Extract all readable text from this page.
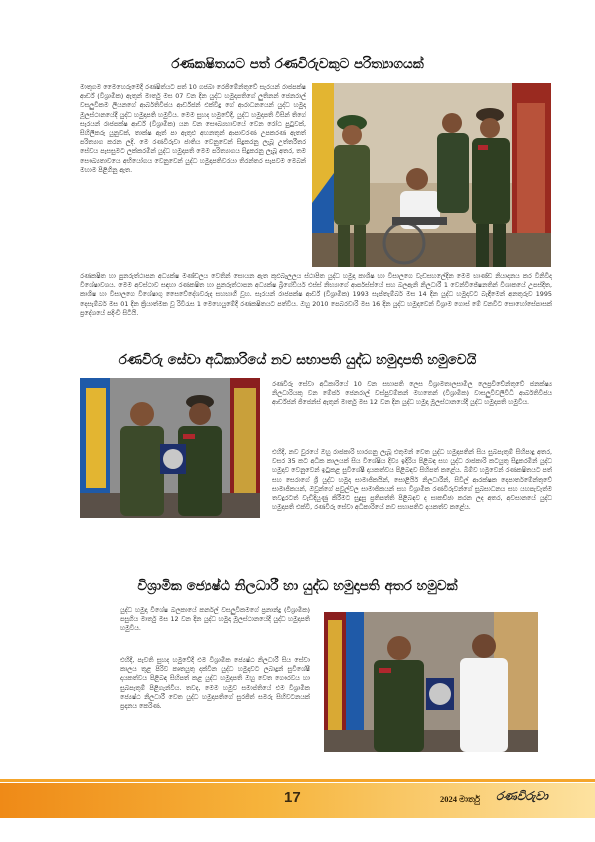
රණකෂිතයට පත් රණවිරුවකුට පරිත්‍යාගයක්
මාතුගම මෛහෙරුමෙදී රණෂිත්යට පත් 10 ගජබා රෙජිමේන්තුවේ සැරයන් රාජපක්ෂ ආර්ඩ් (විශ්‍රාමික) ඇතුන් මාර්තු මස 07 වන දින යුද්ධ හමුදාපතිගේ ලුතිනන් ජෙනරාල් වසලුවිකම ලියනගේ ආර්බතිවිජය ආර්ඩ්ජන් එක්විදු ගේ ආරාධනයෙන් යුද්ධ හමුදා මූලස්ථානයේදී යුද්ධ හමුදාපති හමුවිය. මෙම සුහද හමුවේදී, යුද්ධ හමුදාපති විසින් තිගේ සැරයන් රාජපක්ෂ ආර්ඩ් (විශ්‍රාමික) යන වන සෞඛ්‍යභාවයේ වෙන රෝඨ පුටුවක්, සිහිලීකරු යුනුවක්, තාක්ෂ ඇත් පා ඇතුළු අහනතුන් ආපාවරණ උපකරණ ඇතත් පරිත්‍යාග කරන ලදි. මෙ රණවිරුවා ජාතිය වෙනුවෙන් සිදුකරනු ලැබූ උත්තරීතර සේවය පැසසුමට ලක්කරමින් යුද්ධ හමුදාපති මෙම පරිත්‍යාගය සිදුකරනු ලැබූ අතර, තම සෞඛ්‍යතාවයෙ අභියෝගය වෙනුවෙන් යුද්ධ හමුදාපතිවරයා තිරන්තර සැපවම මෙබන් මහාම පිළිගිනු ඇත.
රණකෂිත හා පුනරුත්ථාපන අධ්‍යක්ෂ මණ්ඩලය වෙතින් සොයන ඇත කුළුබෑලලය ස්ථාපිත යුද්ධ හමුදා කාශිෂ හා විසාලගෙ වැඩසහලේදින මෙම භාණ්ඩ නියාදනය කර විනිවිද විශේෂාවශය. මෙම අවස්ථාව සඳහා රණකෂිත හා පුනරුත්ථාපන අධ්‍යක්ෂ බ්‍රිගේඩියර් එස්ස් නිභ්‍යාගේ ආර්පස්ස්යේ සහ බලඇනි නිලධාරී 1 වෙන්විජේෂනතින් විශාකයේ උපස්දිත, කාශිෂ හා විසාලගෙ විශේෂාගු සෛවේදේශවරුද සහභාගී වූහ. සැරයන් රාජපක්ෂ ආර්ඩ් (විශ්‍රාමික) 1993 සැප්තැම්බර් මස 14 දින යුද්ධ හමුදාවට බැඳීමෙන් අනතුරුව 1995 දෙසැම්බර් මස 01 දින ක්‍රියාත්මක වූ රිවිරැස 1 මෙහෙයුමේදී රණකෂිතයට පත්විය. ඔහු 2010 පෙබරවාරි මස 16 දින යුද්ධ හමුදාවෙන් විශ්‍රාම ගොස් මේ වනවිට සොහෝසේපාසක් ප්‍රදේශයේ පදිංචි සිටියි.
රණවිරු සේවා අධිකාරියේ නව සභාපති යුද්ධ හමුදාපති හමුවෙයි
රණවිරු සේවා අධිකාරියේ 10 වන සභාපති ලෙස විශ්‍රාමතාලසාමිල ලෙප්‍රචිචේන්තුවේ ජනක්ෂ්‍ය නිලධාරියකු වන මේජර් ජෙනරාල් වස්පුවම්කන් මහතෙන් (විශ්‍රාමික) වාසලුවිවලිවිධි ආර්බතිවිජය ආර්ඩ්ජන් ජිජෙන්ස් ඇතුන් මාර්තු මස 12 වන දින යුද්ධ හමුදා මූලස්ථානයේදී යුද්ධ හමුදාපති හමුවිය.
එහිදී, නව වුරයේ ඔහු රාජකාරි භාරගනු ලැබූ එතුමන් වෙත යුද්ධ හමුදාපතින් සිය සුබපැතුම් සිහිපාදු අතර, වසර 35 කට අධික කාලයක් සිය විශේෂිය දිව්‍ය ඉදිරිය පිළිබඳ සහ යුද්ධ රාජකාරි කටයුතු සිදුකරමින් යුද්ධ හමුදාව වෙනුවෙන් ඉටුකළ සුවිශේෂී දායකත්වය පිළිබඳව සිහිපත් කළේය. බිම්ව හමුවෙන් රණකෂිතයට පත් සහ සෙරාගේ ශ්‍රී යුද්ධ හමුදා සාමාජිකයින්, සොළියිර් නිලධාරීන්, සිවිල් ආරක්ෂක දෙපාර්තමේන්තුවේ සාමාජිකයන්, ඔවුන්ගේ පවුල්වල සාමාජිකයන් සහ විශ්‍රාමික රණවිරුවන්ගේ සුබසාධනය සහ යහපැවැත්ම තවදුරටත් වැඩිදියුණු කිරීමට සුදුසු ප්‍රතිපත්ති පිළිබඳව ද සාකච්ඡා කරන ලද අතර, අවසානයේ යුද්ධ හමුදාපති එක්වි, රණවිරු සේවා අධිකාරියේ නව සභාපතිට දායකත්ව කළේය.
විශ්‍රාමික ජ්‍යෙෂ්ඨ නිලධාරී හා යුද්ධ හමුදාපති අතර හමුවක්
යුද්ධ හමුදා විශේෂ බලකායේ කර්නල් වසලුවිකමගේ ප්‍රනාන්දු (විශ්‍රාමික) පසුගිය මාර්තු මස 12 වන දින යුද්ධ හමුදා මූලස්ථානයේදී යුද්ධ හමුදාපති හමුවිය.
එහිදී, පැවති සුහද හමුවේදී එම විශ්‍රාමික ජ්‍යෙෂ්ඨ නිලධාරී සිය සේවා කාලය තුළ පිරිව කෘතයුතු දක්වීන යුද්ධ හමුදාවට ලබාදුන් සුවිශේෂී දායකත්වය පිළිබඳ සිහිපත් කළ යුද්ධ හමුදාපති ඔහු වෙත ගෞරවය හා සුබපැතුම් පිළිගැන්වීය. තවද, මෙම හමුව සමාප්තියේ එම විශ්‍රාමික ජ්‍යෙෂ්ඨ නිලධාරී වෙත යුද්ධ හමුදාපතිගේ සුරජිත් සමරු සිහිවටනයක් ප්‍රදානය කෙරිණ.
17	2024 මාර්තු රණවිරුවා
